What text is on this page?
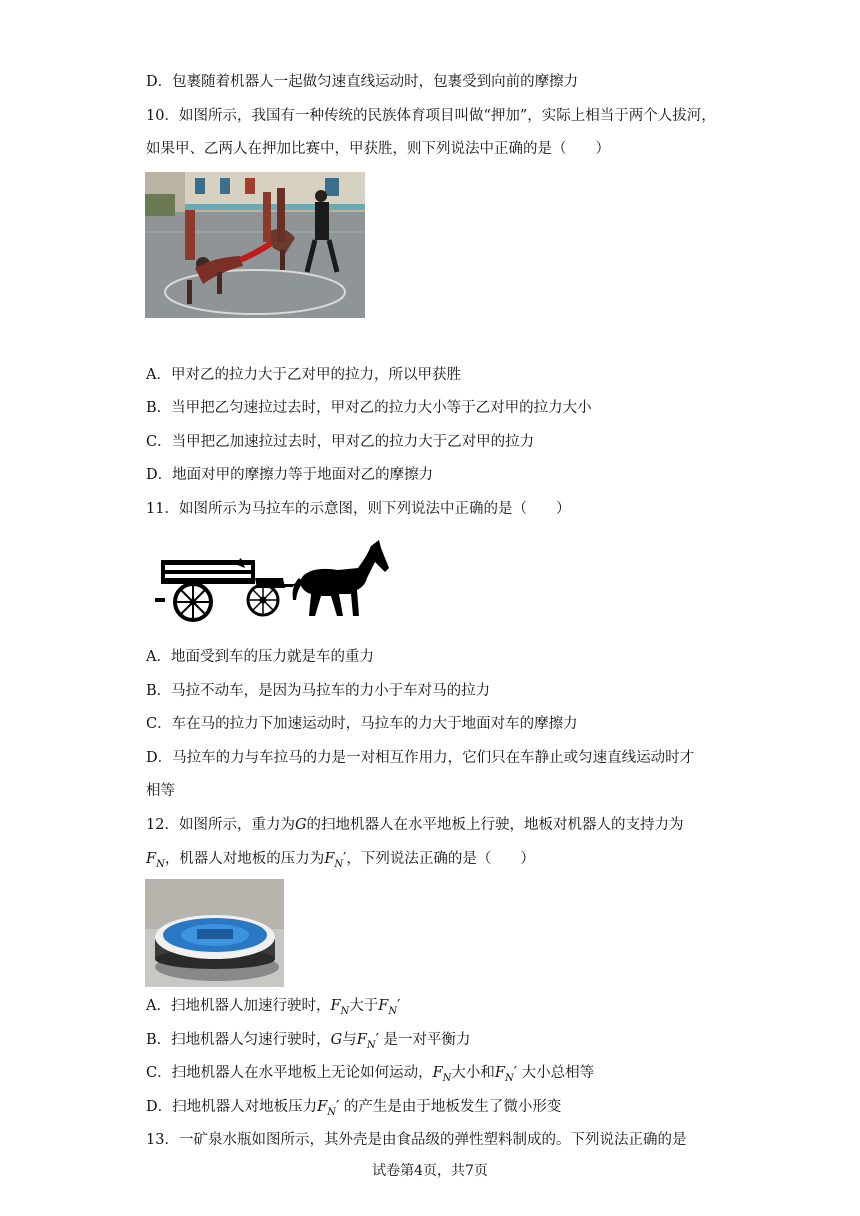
D．包裹随着机器人一起做匀速直线运动时，包裹受到向前的摩擦力
10．如图所示，我国有一种传统的民族体育项目叫做“押加”，实际上相当于两个人拔河，
如果甲、乙两人在押加比赛中，甲获胜，则下列说法中正确的是（　　）
A．甲对乙的拉力大于乙对甲的拉力，所以甲获胜
B．当甲把乙匀速拉过去时，甲对乙的拉力大小等于乙对甲的拉力大小
C．当甲把乙加速拉过去时，甲对乙的拉力大于乙对甲的拉力
D．地面对甲的摩擦力等于地面对乙的摩擦力
11．如图所示为马拉车的示意图，则下列说法中正确的是（　　）
A．地面受到车的压力就是车的重力
B．马拉不动车，是因为马拉车的力小于车对马的拉力
C．车在马的拉力下加速运动时，马拉车的力大于地面对车的摩擦力
D．马拉车的力与车拉马的力是一对相互作用力，它们只在车静止或匀速直线运动时才
相等
12．如图所示，重力为G的扫地机器人在水平地板上行驶，地板对机器人的支持力为
$F_N$，机器人对地板的压力为$F_N'$，下列说法正确的是（　　）
A．扫地机器人加速行驶时，$F_N$大于$F_N'$
B．扫地机器人匀速行驶时，G与$F_N'$ 是一对平衡力
C．扫地机器人在水平地板上无论如何运动，$F_N$大小和$F_N'$ 大小总相等
D．扫地机器人对地板压力$F_N'$ 的产生是由于地板发生了微小形变
13．一矿泉水瓶如图所示，其外壳是由食品级的弹性塑料制成的。下列说法正确的是
试卷第4页，共7页
